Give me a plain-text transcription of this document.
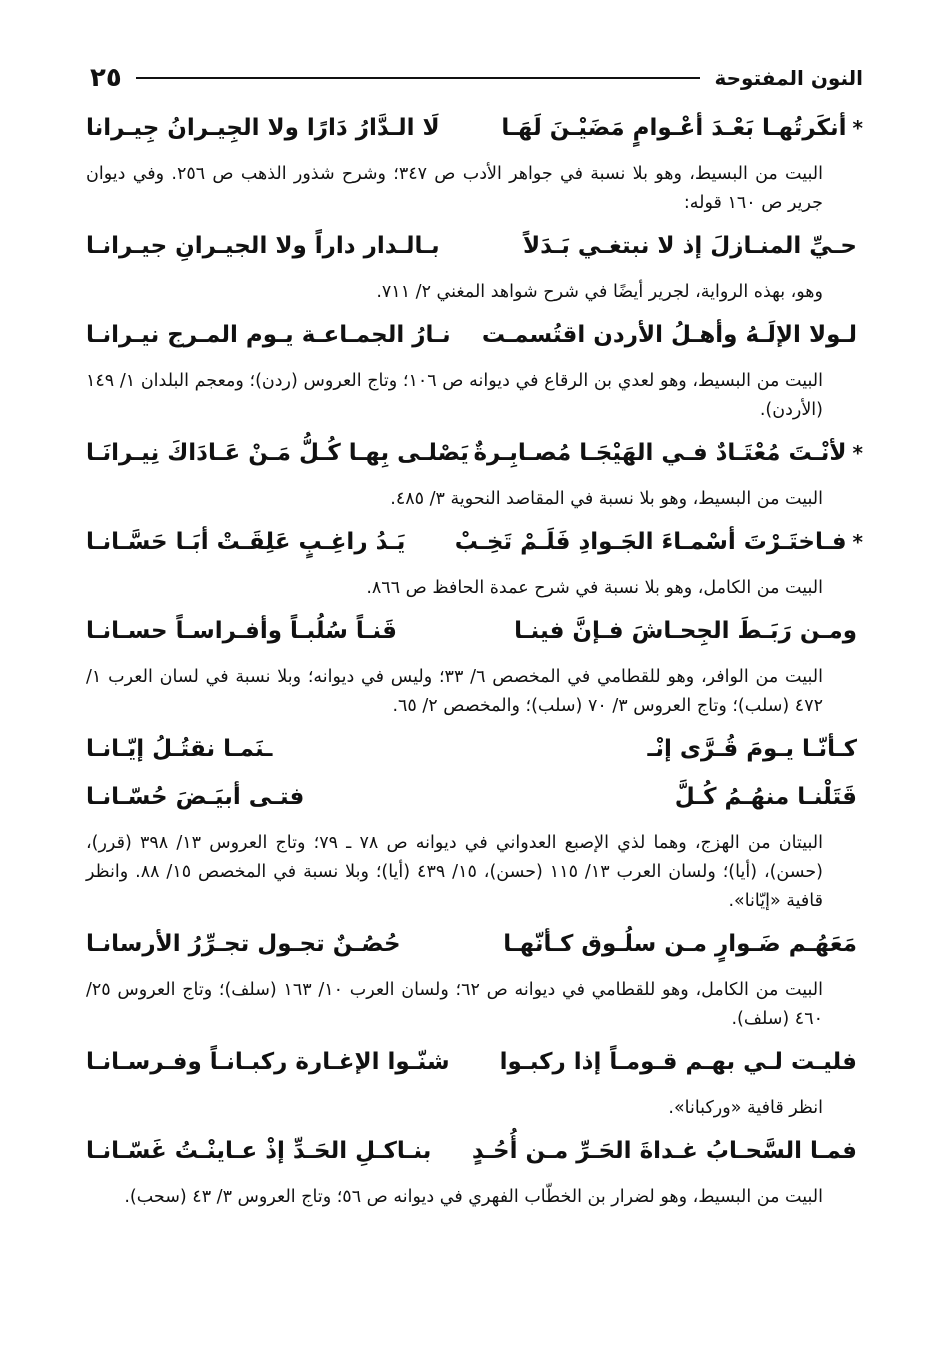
النون المفتوحة
٢٥
*أنكَرتُهـا بَعْـدَ أعْـوامٍ مَضَيْـنَ لَهَـا
لَا الـدَّارُ دَارًا ولا الجِيـرانُ جِيـرانا
البيت من البسيط، وهو بلا نسبة في جواهر الأدب ص ٣٤٧؛ وشرح شذور الذهب ص ٢٥٦. وفي ديوان جرير ص ١٦٠ قوله:
حـيِّ المنـازلَ إذ لا نبتغـي بَـدَلاً
بـالـدار داراً ولا الجيـرانِ جيـرانـا
وهو، بهذه الرواية، لجرير أيضًا في شرح شواهد المغني ٢/ ٧١١.
لـولا الإلَـهُ وأهـلُ الأردن اقتُسمـت
نـارُ الجمـاعـة يـوم المـرج نيـرانـا
البيت من البسيط، وهو لعدي بن الرقاع في ديوانه ص ١٠٦؛ وتاج العروس (ردن)؛ ومعجم البلدان ١/ ١٤٩ (الأردن).
*لأنْـتَ مُعْتَـادٌ فـي الهَيْجَـا مُصـابِـرةٌ
يَصْلـى بِهـا كُـلُّ مَـنْ عَـادَاكَ نِيـرانَـا
البيت من البسيط، وهو بلا نسبة في المقاصد النحوية ٣/ ٤٨٥.
*فـاختَـرْتَ أسْمـاءَ الجَـوادِ فَلَـمْ تَخِـبْ
يَـدُ راغِـبٍ عَلِقَـتْ أبَـا حَسَّـانـا
البيت من الكامل، وهو بلا نسبة في شرح عمدة الحافظ ص ٨٦٦.
ومـن رَبَـطَ الجِحـاشَ فـإنَّ فينـا
قَنـاً سُلُبـاً وأفـراسـاً حسـانـا
البيت من الوافر، وهو للقطامي في المخصص ٦/ ٣٣؛ وليس في ديوانه؛ وبلا نسبة في لسان العرب ١/ ٤٧٢ (سلب)؛ وتاج العروس ٣/ ٧٠ (سلب)؛ والمخصص ٢/ ٦٥.
كـأنّـا يـومَ قُـرَّى إنْـ
ـنَمـا نقتُـلُ إيّـانـا
قَتَلْنـا منهُـمُ كُـلَّ
فتـى أبيَـضَ حُسّـانـا
البيتان من الهزج، وهما لذي الإصبع العدواني في ديوانه ص ٧٨ ـ ٧٩؛ وتاج العروس ١٣/ ٣٩٨ (قرر)، (حسن)، (أيا)؛ ولسان العرب ١٣/ ١١٥ (حسن)، ١٥/ ٤٣٩ (أيا)؛ وبلا نسبة في المخصص ١٥/ ٨٨. وانظر قافية «إيّانا».
مَعَهُـم ضَـوارٍ مـن سلُـوق كـأنّهـا
حُصُـنٌ تجـول تجـرِّرُ الأرسانـا
البيت من الكامل، وهو للقطامي في ديوانه ص ٦٢؛ ولسان العرب ١٠/ ١٦٣ (سلف)؛ وتاج العروس ٢٥/ ٤٦٠ (سلف).
فليـت لـي بهـم قـومـاً إذا ركبـوا
شنّـوا الإغـارة ركبـانـاً وفـرسـانـا
انظر قافية «وركبانا».
فمـا السَّحـابُ غـداةَ الحَـرِّ مـن أُحُـدٍ
بنـاكـلِ الحَـدِّ إذْ عـاينْـتُ غَسّـانـا
البيت من البسيط، وهو لضرار بن الخطّاب الفهري في ديوانه ص ٥٦؛ وتاج العروس ٣/ ٤٣ (سحب).
